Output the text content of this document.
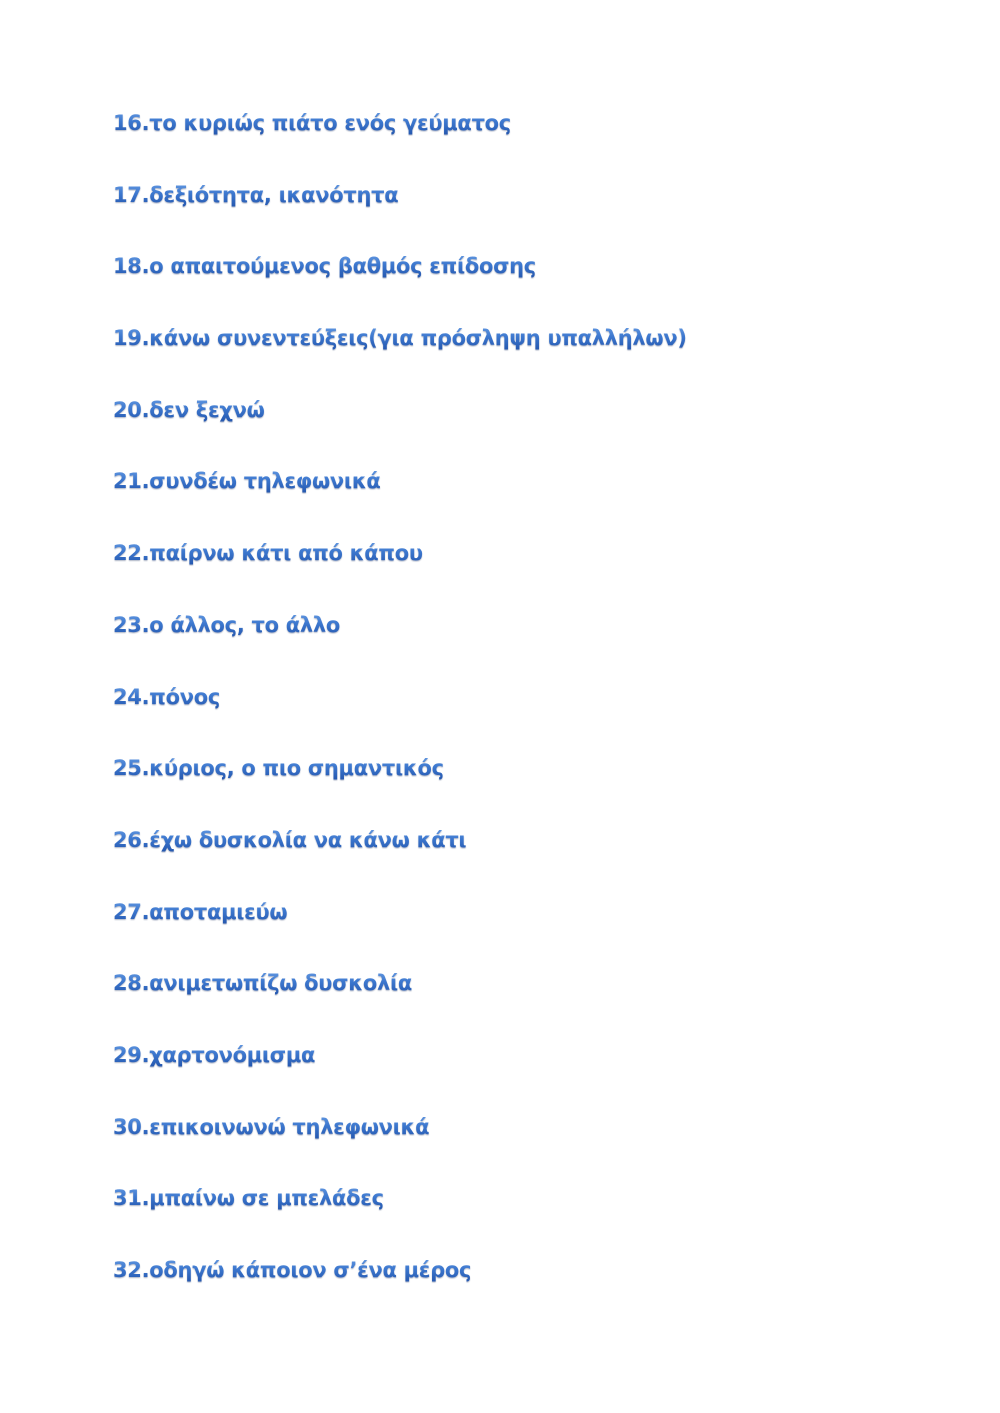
16.το κυριώς πιάτο ενός γεύματος
17.δεξιότητα, ικανότητα
18.ο απαιτούμενος βαθμός επίδοσης
19.κάνω συνεντεύξεις(για πρόσληψη υπαλλήλων)
20.δεν ξεχνώ
21.συνδέω τηλεφωνικά
22.παίρνω κάτι από κάπου
23.ο άλλος, το άλλο
24.πόνος
25.κύριος, ο πιο σημαντικός
26.έχω δυσκολία να κάνω κάτι
27.αποταμιεύω
28.ανιμετωπίζω δυσκολία
29.χαρτονόμισμα
30.επικοινωνώ τηλεφωνικά
31.μπαίνω σε μπελάδες
32.οδηγώ κάποιον σ’ένα μέρος
